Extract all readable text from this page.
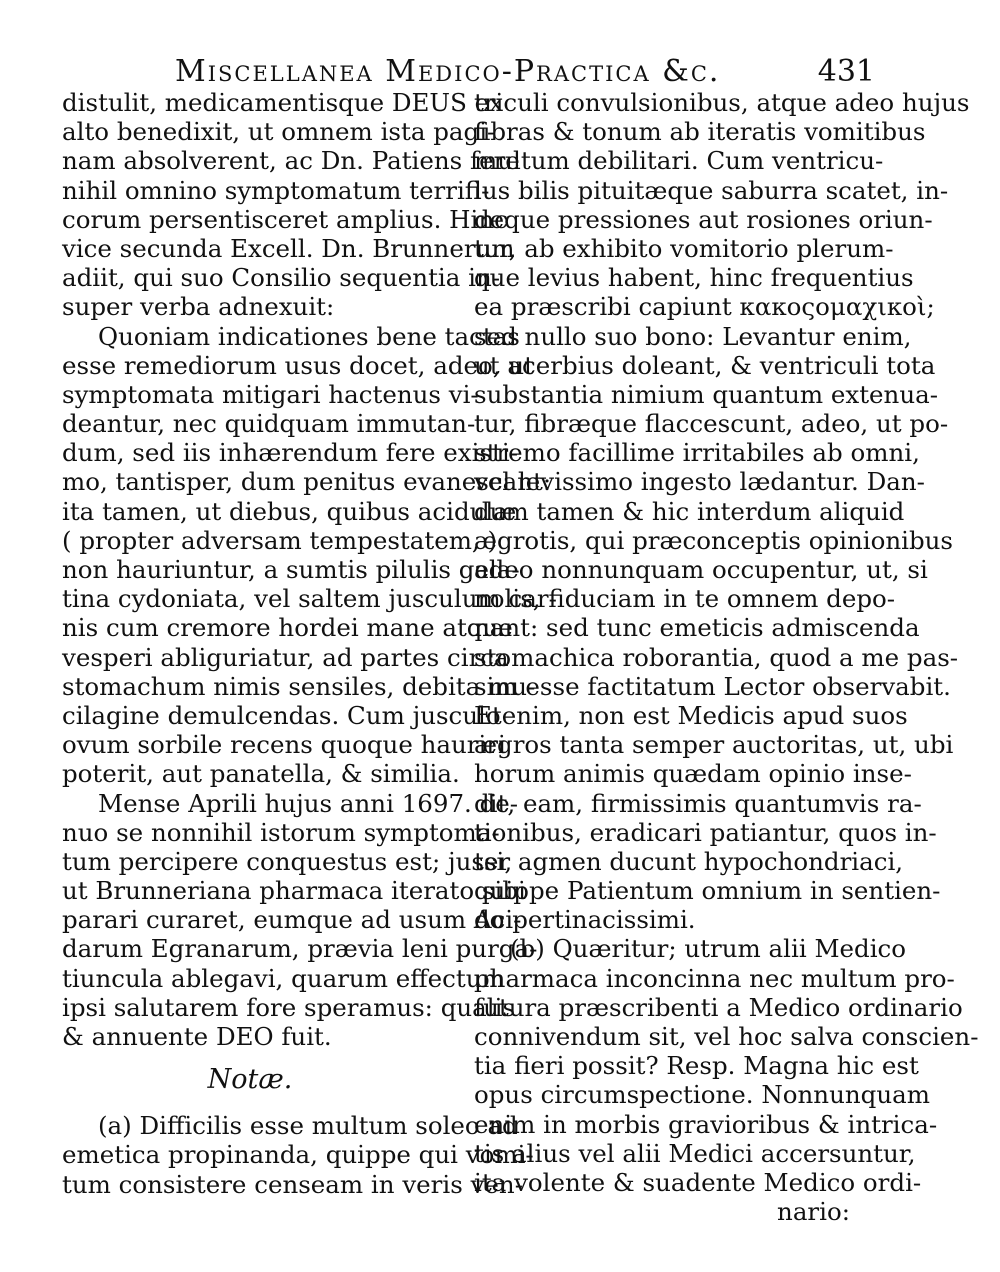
Miscellanea Medico-Practica &c.	431
distulit, medicamentisque DEUS ex
alto benedixit, ut omnem ista pagi-
nam absolverent, ac Dn. Patiens fere
nihil omnino symptomatum terrifi-
corum persentisceret amplius. Hinc
vice secunda Excell. Dn. Brunnerum
adiit, qui suo Consilio sequentia in-
super verba adnexuit:
Quoniam indicationes bene tactas
esse remediorum usus docet, adeo, ut
symptomata mitigari hactenus vi-
deantur, nec quidquam immutan-
dum, sed iis inhærendum fere existi-
mo, tantisper, dum penitus evanescant:
ita tamen, ut diebus, quibus acidulæ
( propter adversam tempestatem, )
non hauriuntur, a sumtis pilulis gela-
tina cydoniata, vel saltem jusculum car-
nis cum cremore hordei mane atque
vesperi abliguriatur, ad partes circa
stomachum nimis sensiles, debita mu-
cilagine demulcendas. Cum jusculo
ovum sorbile recens quoque hauriri
poterit, aut panatella, & similia.
Mense Aprili hujus anni 1697. de-
nuo se nonnihil istorum symptoma-
tum percipere conquestus est; jussi,
ut Brunneriana pharmaca iterato sibi
parari curaret, eumque ad usum Aci-
darum Egranarum, prævia leni purga-
tiuncula ablegavi, quarum effectum
ipsi salutarem fore speramus: qualis
& annuente DEO fuit.
Notæ.
(a) Difficilis esse multum soleo ad
emetica propinanda, quippe qui vomi-
tum consistere censeam in veris ven-
triculi convulsionibus, atque adeo hujus
fibras & tonum ab iteratis vomitibus
multum debilitari. Cum ventricu-
lus bilis pituitæque saburra scatet, in-
deque pressiones aut rosiones oriun-
tur, ab exhibito vomitorio plerum-
que levius habent, hinc frequentius
ea præscribi capiunt κακοςομαχικοὶ;
sed nullo suo bono: Levantur enim,
ut acerbius doleant, & ventriculi tota
substantia nimium quantum extenua-
tur, fibræque flaccescunt, adeo, ut po-
stremo facillime irritabiles ab omni,
vel levissimo ingesto lædantur. Dan-
dum tamen & hic interdum aliquid
ægrotis, qui præconceptis opinionibus
adeo nonnunquam occupentur, ut, si
nolis, fiduciam in te omnem depo-
nant: sed tunc emeticis admiscenda
stomachica roborantia, quod a me pas-
sim esse factitatum Lector observabit.
Etenim, non est Medicis apud suos
ægros tanta semper auctoritas, ut, ubi
horum animis quædam opinio inse-
dit, eam, firmissimis quantumvis ra-
tionibus, eradicari patiantur, quos in-
ter agmen ducunt hypochondriaci,
quippe Patientum omnium in sentien-
do pertinacissimi.
(b) Quæritur; utrum alii Medico
pharmaca inconcinna nec multum pro-
futura præscribenti a Medico ordinario
connivendum sit, vel hoc salva conscien-
tia fieri possit? Resp. Magna hic est
opus circumspectione. Nonnunquam
enim in morbis gravioribus & intrica-
tis alius vel alii Medici accersuntur,
ita volente & suadente Medico ordi-
nario:
